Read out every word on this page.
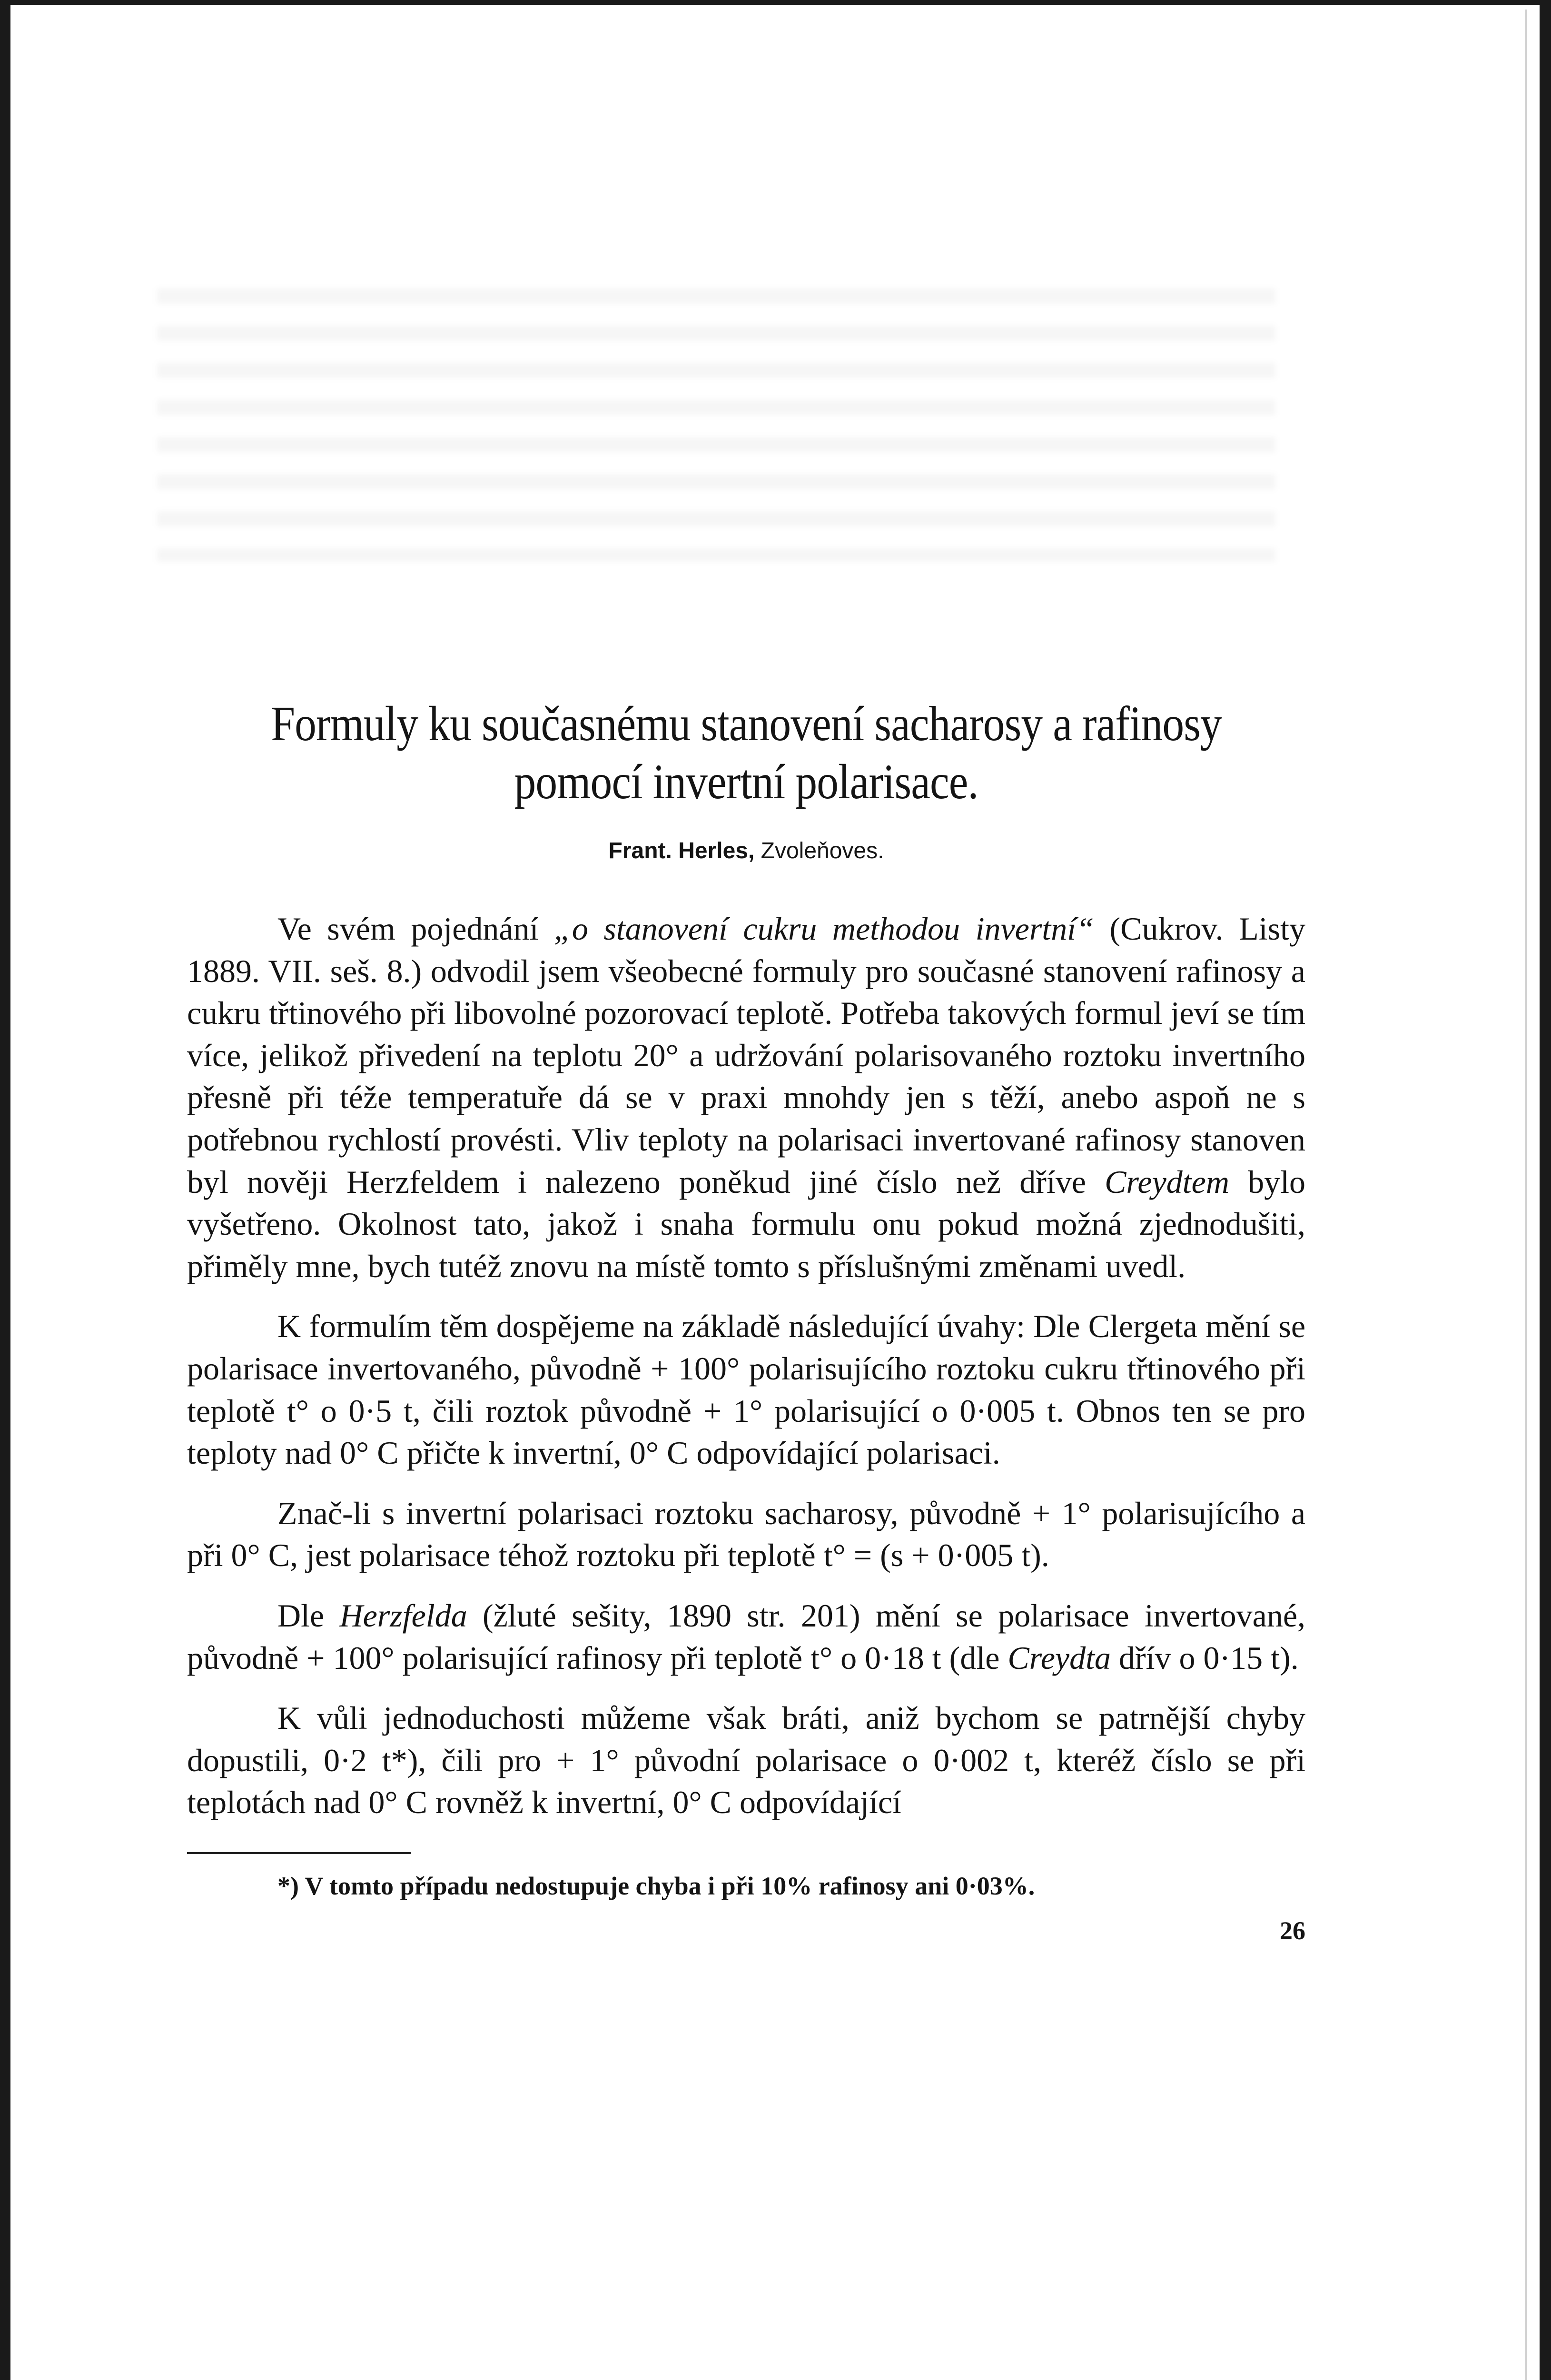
Formuly ku současnému stanovení sacharosy a rafinosy
pomocí invertní polarisace.
Frant. Herles, Zvoleňoves.

Ve svém pojednání „o stanovení cukru methodou invertní“ (Cukrov. Listy 1889. VII. seš. 8.) odvodil jsem všeobecné formuly pro současné stanovení rafinosy a cukru třtinového při libovolné pozorovací teplotě. Potřeba takových formul jeví se tím více, jelikož přivedení na teplotu 20° a udržování polarisovaného roztoku invertního přesně při téže temperatuře dá se v praxi mnohdy jen s těží, anebo aspoň ne s potřebnou rychlostí provésti. Vliv teploty na polarisaci invertované rafinosy stanoven byl nověji Herzfeldem i nalezeno poněkud jiné číslo než dříve Creydtem bylo vyšetřeno. Okolnost tato, jakož i snaha formulu onu pokud možná zjednodušiti, přiměly mne, bych tutéž znovu na místě tomto s příslušnými změnami uvedl.

K formulím těm dospějeme na základě následující úvahy: Dle Clergeta mění se polarisace invertovaného, původně + 100° polarisujícího roztoku cukru třtinového při teplotě t° o 0·5 t, čili roztok původně + 1° polarisující o 0·005 t. Obnos ten se pro teploty nad 0° C přičte k invertní, 0° C odpovídající polarisaci.

Znač-li s invertní polarisaci roztoku sacharosy, původně + 1° polarisujícího a při 0° C, jest polarisace téhož roztoku při teplotě t° = (s + 0·005 t).

Dle Herzfelda (žluté sešity, 1890 str. 201) mění se polarisace invertované, původně + 100° polarisující rafinosy při teplotě t° o 0·18 t (dle Creydta dřív o 0·15 t).

K vůli jednoduchosti můžeme však bráti, aniž bychom se patrnější chyby dopustili, 0·2 t*), čili pro + 1° původní polarisace o 0·002 t, kteréž číslo se při teplotách nad 0° C rovněž k invertní, 0° C odpovídající

*) V tomto případu nedostupuje chyba i při 10% rafinosy ani 0·03%.

26
